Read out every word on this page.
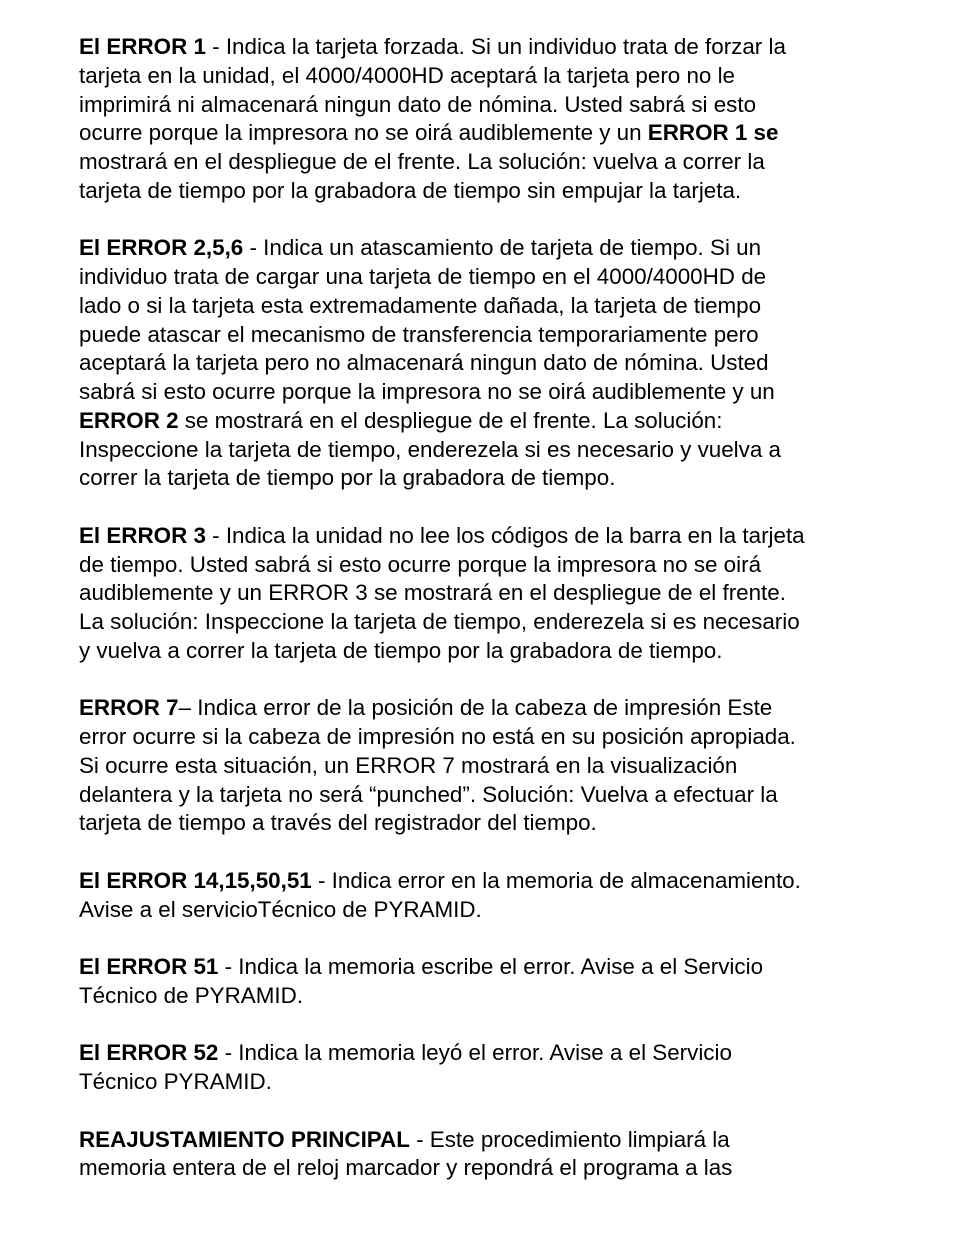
El ERROR 1 - Indica la tarjeta forzada. Si un individuo trata de forzar la
tarjeta en la unidad, el 4000/4000HD aceptará la tarjeta pero no le
imprimirá ni almacenará ningun dato de nómina. Usted sabrá si esto
ocurre porque la impresora no se oirá audiblemente y un ERROR 1 se
mostrará en el despliegue de el frente. La solución: vuelva a correr la
tarjeta de tiempo por la grabadora de tiempo sin empujar la tarjeta.

El ERROR 2,5,6 - Indica un atascamiento de tarjeta de tiempo. Si un
individuo trata de cargar una tarjeta de tiempo en el 4000/4000HD de
lado o si la tarjeta esta extremadamente dañada, la tarjeta de tiempo
puede atascar el mecanismo de transferencia temporariamente pero
aceptará la tarjeta pero no almacenará ningun dato de nómina. Usted
sabrá si esto ocurre porque la impresora no se oirá audiblemente y un
ERROR 2 se mostrará en el despliegue de el frente. La solución:
Inspeccione la tarjeta de tiempo, enderezela si es necesario y vuelva a
correr la tarjeta de tiempo por la grabadora de tiempo.

El ERROR 3 - Indica la unidad no lee los códigos de la barra en la tarjeta
de tiempo. Usted sabrá si esto ocurre porque la impresora no se oirá
audiblemente y un ERROR 3 se mostrará en el despliegue de el frente.
La solución: Inspeccione la tarjeta de tiempo, enderezela si es necesario
y vuelva a correr la tarjeta de tiempo por la grabadora de tiempo.

ERROR 7– Indica error de la posición de la cabeza de impresión Este
error ocurre si la cabeza de impresión no está en su posición apropiada.
Si ocurre esta situación, un ERROR 7 mostrará en la visualización
delantera y la tarjeta no será “punched”. Solución: Vuelva a efectuar la
tarjeta de tiempo a través del registrador del tiempo.

El ERROR 14,15,50,51 - Indica error en la memoria de almacenamiento.
Avise a el servicioTécnico de PYRAMID.

El ERROR 51 - Indica la memoria escribe el error. Avise a el Servicio
Técnico de PYRAMID.

El ERROR 52 - Indica la memoria leyó el error. Avise a el Servicio
Técnico PYRAMID.

REAJUSTAMIENTO PRINCIPAL - Este procedimiento limpiará la
memoria entera de el reloj marcador y repondrá el programa a las
